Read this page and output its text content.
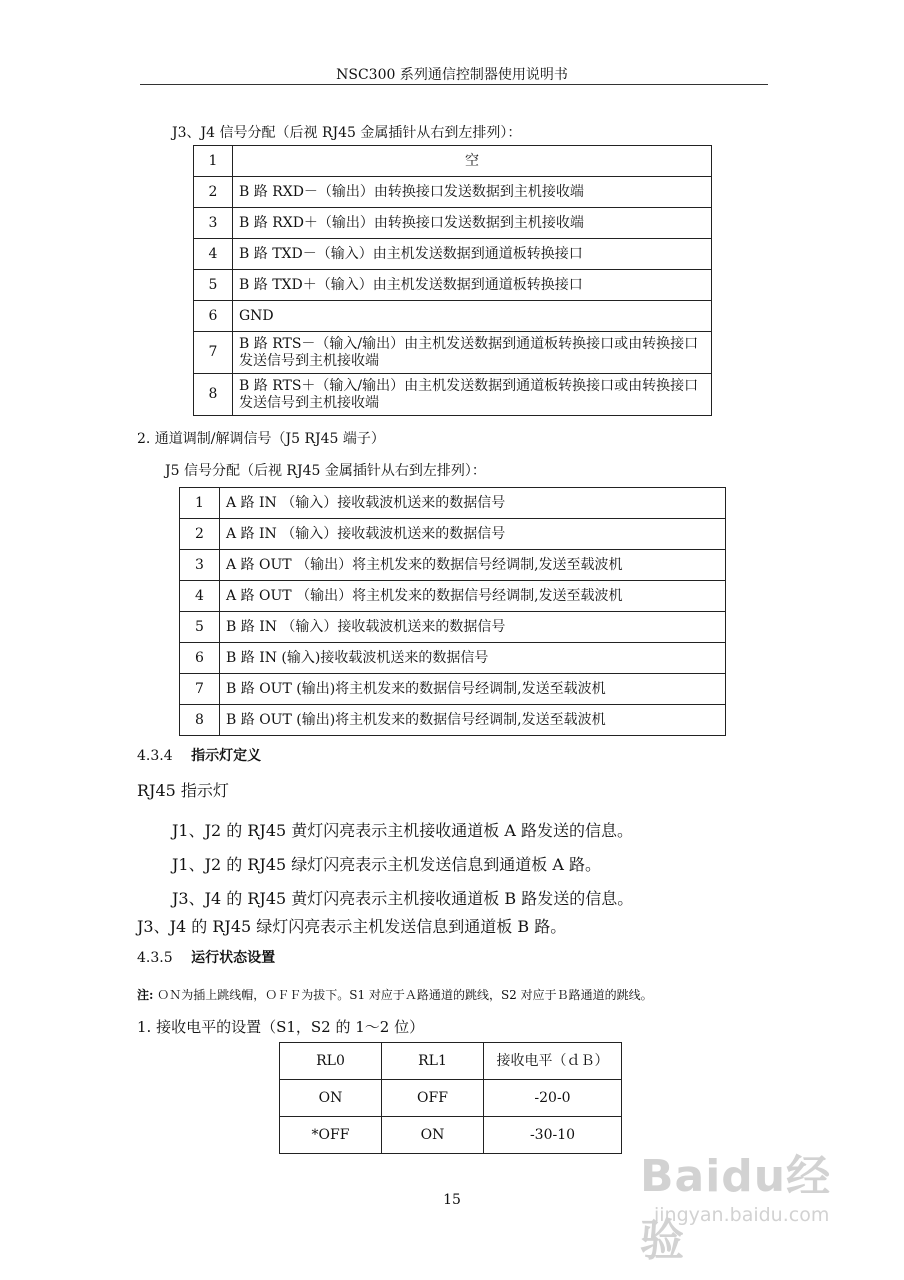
NSC300 系列通信控制器使用说明书
J3、J4 信号分配（后视 RJ45 金属插针从右到左排列）：
1	空
2	B 路 RXD－（输出）由转换接口发送数据到主机接收端
3	B 路 RXD＋（输出）由转换接口发送数据到主机接收端
4	B 路 TXD－（输入）由主机发送数据到通道板转换接口
5	B 路 TXD＋（输入）由主机发送数据到通道板转换接口
6	GND
7	B 路 RTS－（输入/输出）由主机发送数据到通道板转换接口或由转换接口发送信号到主机接收端
8	B 路 RTS＋（输入/输出）由主机发送数据到通道板转换接口或由转换接口发送信号到主机接收端
2. 通道调制/解调信号（J5 RJ45 端子）
J5 信号分配（后视 RJ45 金属插针从右到左排列）：
1	A 路 IN （输入）接收载波机送来的数据信号
2	A 路 IN （输入）接收载波机送来的数据信号
3	A 路 OUT （输出）将主机发来的数据信号经调制,发送至载波机
4	A 路 OUT （输出）将主机发来的数据信号经调制,发送至载波机
5	B 路 IN （输入）接收载波机送来的数据信号
6	B 路 IN (输入)接收载波机送来的数据信号
7	B 路 OUT (输出)将主机发来的数据信号经调制,发送至载波机
8	B 路 OUT (输出)将主机发来的数据信号经调制,发送至载波机
4.3.4 指示灯定义
RJ45 指示灯
J1、J2 的 RJ45 黄灯闪亮表示主机接收通道板 A 路发送的信息。
J1、J2 的 RJ45 绿灯闪亮表示主机发送信息到通道板 A 路。
J3、J4 的 RJ45 黄灯闪亮表示主机接收通道板 B 路发送的信息。
J3、J4 的 RJ45 绿灯闪亮表示主机发送信息到通道板 B 路。
4.3.5 运行状态设置
注: ＯＮ为插上跳线帽，ＯＦＦ为拔下。S1 对应于Ａ路通道的跳线，S2 对应于Ｂ路通道的跳线。
1. 接收电平的设置（S1，S2 的 1～2 位）
RL0	RL1	接收电平（ｄＢ）
ON	OFF	-20-0
*OFF	ON	-30-10
15	Baidu经验
jingyan.baidu.com
